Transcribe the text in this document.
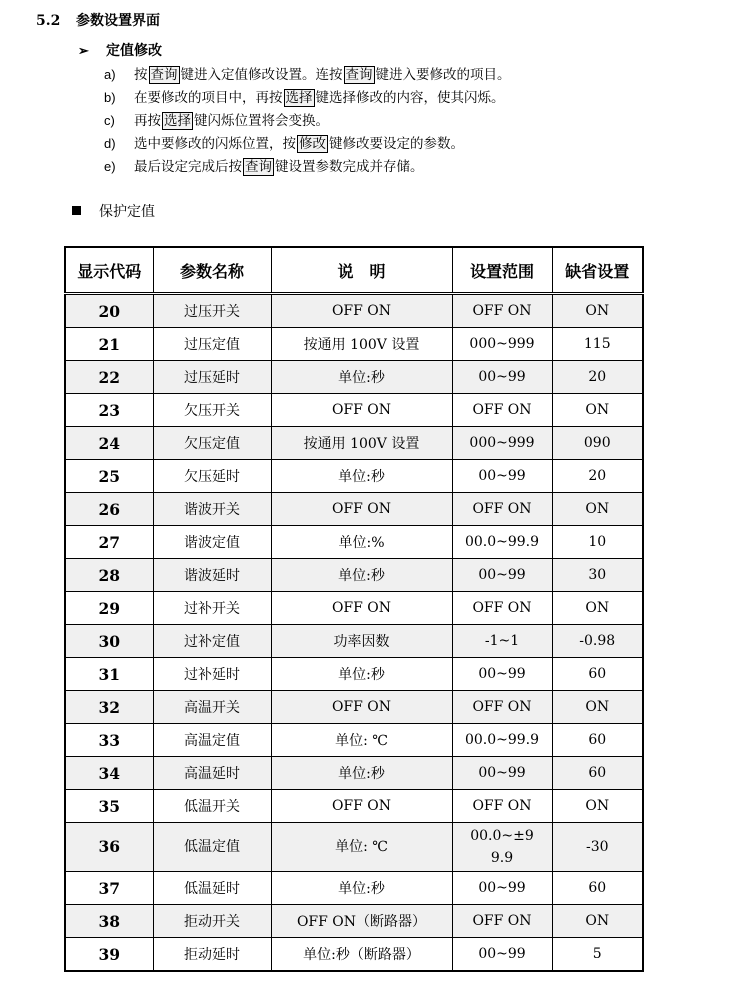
5.2 参数设置界面
➢ 定值修改
a) 按 查询 键进入定值修改设置。连按 查询 键进入要修改的项目。
b) 在要修改的项目中，再按 选择 键选择修改的内容，使其闪烁。
c) 再按 选择 键闪烁位置将会变换。
d) 选中要修改的闪烁位置，按 修改 键修改要设定的参数。
e) 最后设定完成后按 查询 键设置参数完成并存储。
保护定值
显示代码	参数名称	说　明	设置范围	缺省设置
20	过压开关	OFF ON	OFF ON	ON
21	过压定值	按通用 100V 设置	000~999	115
22	过压延时	单位:秒	00~99	20
23	欠压开关	OFF ON	OFF ON	ON
24	欠压定值	按通用 100V 设置	000~999	090
25	欠压延时	单位:秒	00~99	20
26	谐波开关	OFF ON	OFF ON	ON
27	谐波定值	单位:%	00.0~99.9	10
28	谐波延时	单位:秒	00~99	30
29	过补开关	OFF ON	OFF ON	ON
30	过补定值	功率因数	-1~1	-0.98
31	过补延时	单位:秒	00~99	60
32	高温开关	OFF ON	OFF ON	ON
33	高温定值	单位: ℃	00.0~99.9	60
34	高温延时	单位:秒	00~99	60
35	低温开关	OFF ON	OFF ON	ON
36	低温定值	单位: ℃	00.0~±99.9	-30
37	低温延时	单位:秒	00~99	60
38	拒动开关	OFF ON（断路器）	OFF ON	ON
39	拒动延时	单位:秒（断路器）	00~99	5
